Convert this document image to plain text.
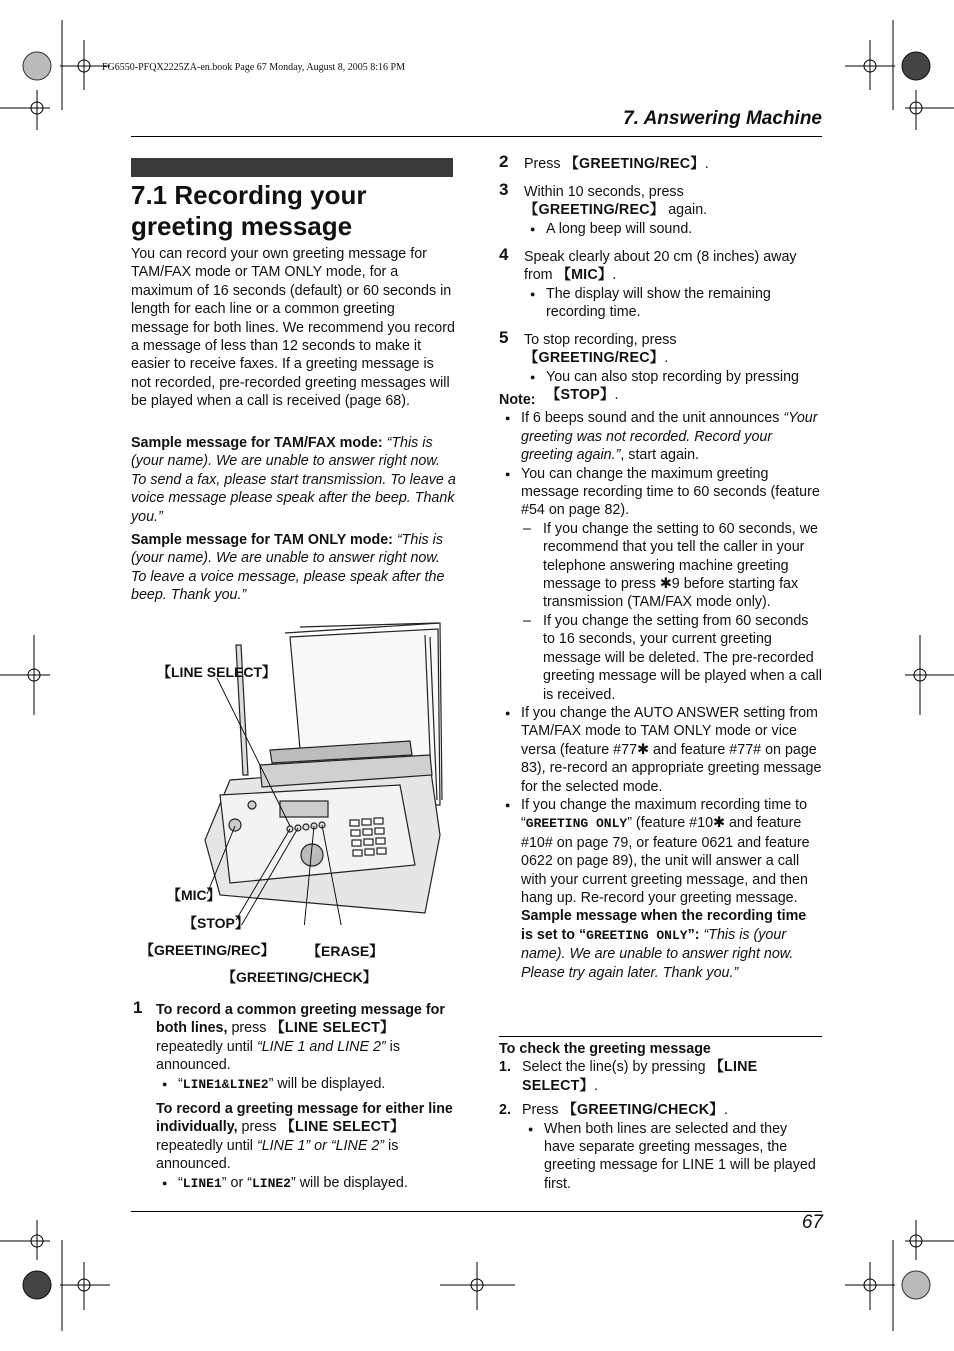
FG6550-PFQX2225ZA-en.book Page 67 Monday, August 8, 2005 8:16 PM
7. Answering Machine
7.1 Recording your greeting message
You can record your own greeting message for TAM/FAX mode or TAM ONLY mode, for a maximum of 16 seconds (default) or 60 seconds in length for each line or a common greeting message for both lines. We recommend you record a message of less than 12 seconds to make it easier to receive faxes. If a greeting message is not recorded, pre-recorded greeting messages will be played when a call is received (page 68).
Sample message for TAM/FAX mode: “This is (your name). We are unable to answer right now. To send a fax, please start transmission. To leave a voice message please speak after the beep. Thank you.”
Sample message for TAM ONLY mode: “This is (your name). We are unable to answer right now. To leave a voice message, please speak after the beep. Thank you.”
【LINE SELECT】
【MIC】
【STOP】
【GREETING/REC】 【ERASE】
【GREETING/CHECK】
1 To record a common greeting message for both lines, press 【LINE SELECT】 repeatedly until “LINE 1 and LINE 2” is announced.
● “LINE1&LINE2” will be displayed.
To record a greeting message for either line individually, press 【LINE SELECT】 repeatedly until “LINE 1” or “LINE 2” is announced.
● “LINE1” or “LINE2” will be displayed.
2 Press 【GREETING/REC】.
3 Within 10 seconds, press 【GREETING/REC】 again.
● A long beep will sound.
4 Speak clearly about 20 cm (8 inches) away from 【MIC】.
● The display will show the remaining recording time.
5 To stop recording, press 【GREETING/REC】.
● You can also stop recording by pressing 【STOP】.
Note:
● If 6 beeps sound and the unit announces “Your greeting was not recorded. Record your greeting again.”, start again.
● You can change the maximum greeting message recording time to 60 seconds (feature #54 on page 82).
– If you change the setting to 60 seconds, we recommend that you tell the caller in your telephone answering machine greeting message to press ✱9 before starting fax transmission (TAM/FAX mode only).
– If you change the setting from 60 seconds to 16 seconds, your current greeting message will be deleted. The pre-recorded greeting message will be played when a call is received.
● If you change the AUTO ANSWER setting from TAM/FAX mode to TAM ONLY mode or vice versa (feature #77✱ and feature #77# on page 83), re-record an appropriate greeting message for the selected mode.
● If you change the maximum recording time to “GREETING ONLY” (feature #10✱ and feature #10# on page 79, or feature 0621 and feature 0622 on page 89), the unit will answer a call with your current greeting message, and then hang up. Re-record your greeting message.
Sample message when the recording time is set to “GREETING ONLY”: “This is (your name). We are unable to answer right now. Please try again later. Thank you.”
To check the greeting message
1. Select the line(s) by pressing 【LINE SELECT】.
2. Press 【GREETING/CHECK】.
● When both lines are selected and they have separate greeting messages, the greeting message for LINE 1 will be played first.
67
